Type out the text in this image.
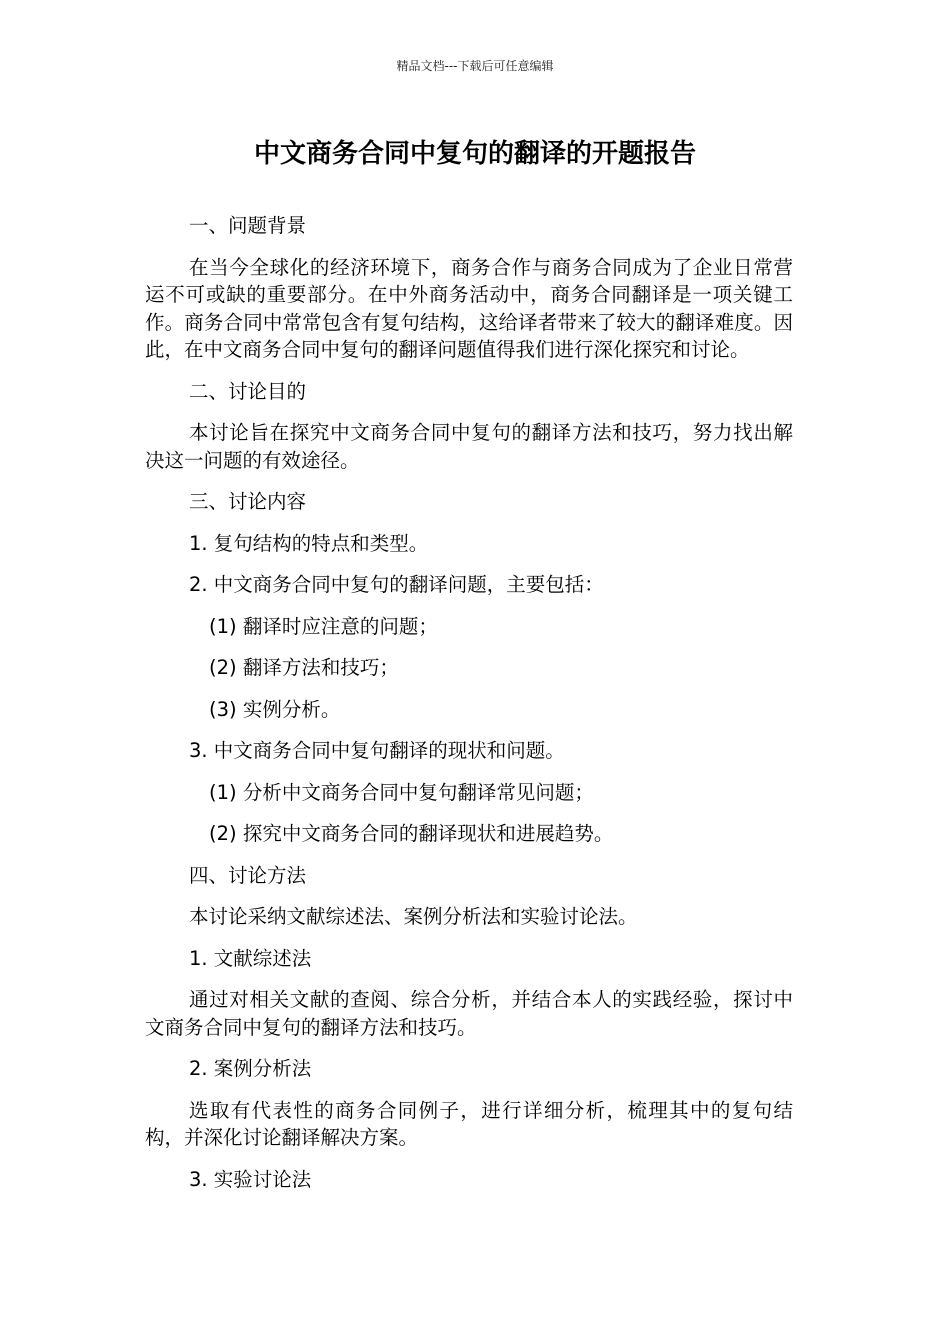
精品文档---下载后可任意编辑
中文商务合同中复句的翻译的开题报告

一、问题背景

在当今全球化的经济环境下，商务合作与商务合同成为了企业日常营运不可或缺的重要部分。在中外商务活动中，商务合同翻译是一项关键工作。商务合同中常常包含有复句结构，这给译者带来了较大的翻译难度。因此，在中文商务合同中复句的翻译问题值得我们进行深化探究和讨论。

二、讨论目的

本讨论旨在探究中文商务合同中复句的翻译方法和技巧，努力找出解决这一问题的有效途径。

三、讨论内容

1. 复句结构的特点和类型。

2. 中文商务合同中复句的翻译问题，主要包括：

(1) 翻译时应注意的问题；

(2) 翻译方法和技巧；

(3) 实例分析。

3. 中文商务合同中复句翻译的现状和问题。

(1) 分析中文商务合同中复句翻译常见问题；

(2) 探究中文商务合同的翻译现状和进展趋势。

四、讨论方法

本讨论采纳文献综述法、案例分析法和实验讨论法。

1. 文献综述法

通过对相关文献的查阅、综合分析，并结合本人的实践经验，探讨中文商务合同中复句的翻译方法和技巧。

2. 案例分析法

选取有代表性的商务合同例子，进行详细分析，梳理其中的复句结构，并深化讨论翻译解决方案。

3. 实验讨论法
